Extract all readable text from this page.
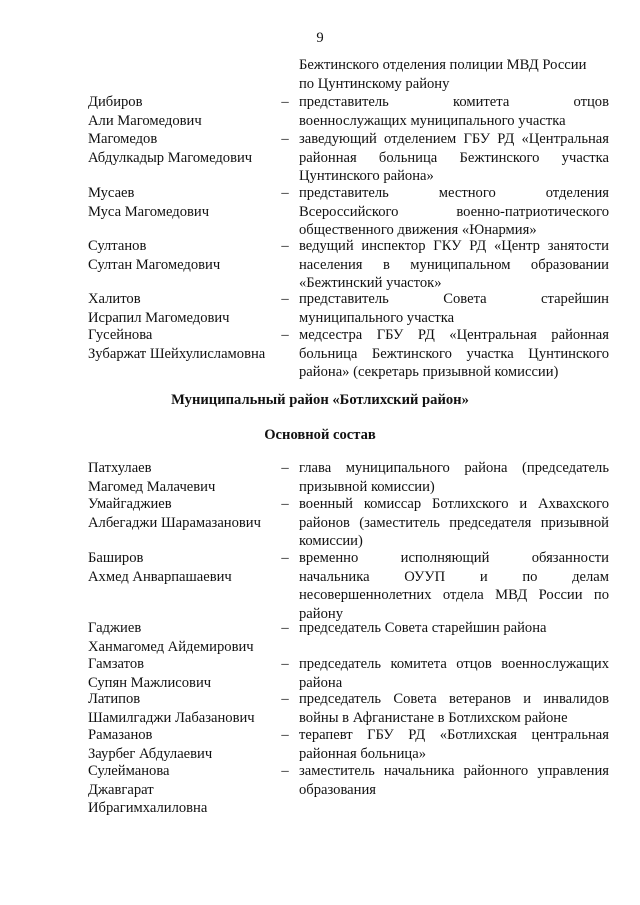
9
Бежтинского отделения полиции МВД России
по Цунтинскому району
Дибиров
Али Магомедович
– представитель комитета отцов
военнослужащих муниципального участка
Магомедов
Абдулкадыр Магомедович
– заведующий отделением ГБУ РД «Центральная
районная больница Бежтинского участка
Цунтинского района»
Мусаев
Муса Магомедович
– представитель местного отделения
Всероссийского военно-патриотического
общественного движения «Юнармия»
Султанов
Султан Магомедович
– ведущий инспектор ГКУ РД «Центр занятости
населения в муниципальном образовании
«Бежтинский участок»
Халитов
Исрапил Магомедович
– представитель Совета старейшин
муниципального участка
Гусейнова
Зубаржат Шейхулисламовна
– медсестра ГБУ РД «Центральная районная
больница Бежтинского участка Цунтинского
района» (секретарь призывной комиссии)
Муниципальный район «Ботлихский район»
Основной состав
Патхулаев
Магомед Малачевич
– глава муниципального района (председатель
призывной комиссии)
Умайгаджиев
Албегаджи Шарамазанович
– военный комиссар Ботлихского и Ахвахского
районов (заместитель председателя призывной
комиссии)
Баширов
Ахмед Анварпашаевич
– временно исполняющий обязанности
начальника ОУУП и по делам
несовершеннолетних отдела МВД России по
району
Гаджиев
Ханмагомед Айдемирович
– председатель Совета старейшин района
Гамзатов
Супян Мажлисович
– председатель комитета отцов военнослужащих
района
Латипов
Шамилгаджи Лабазанович
– председатель Совета ветеранов и инвалидов
войны в Афганистане в Ботлихском районе
Рамазанов
Заурбег Абдулаевич
– терапевт ГБУ РД «Ботлихская центральная
районная больница»
Сулейманова
Джавгарат
Ибрагимхалиловна
– заместитель начальника районного управления
образования
